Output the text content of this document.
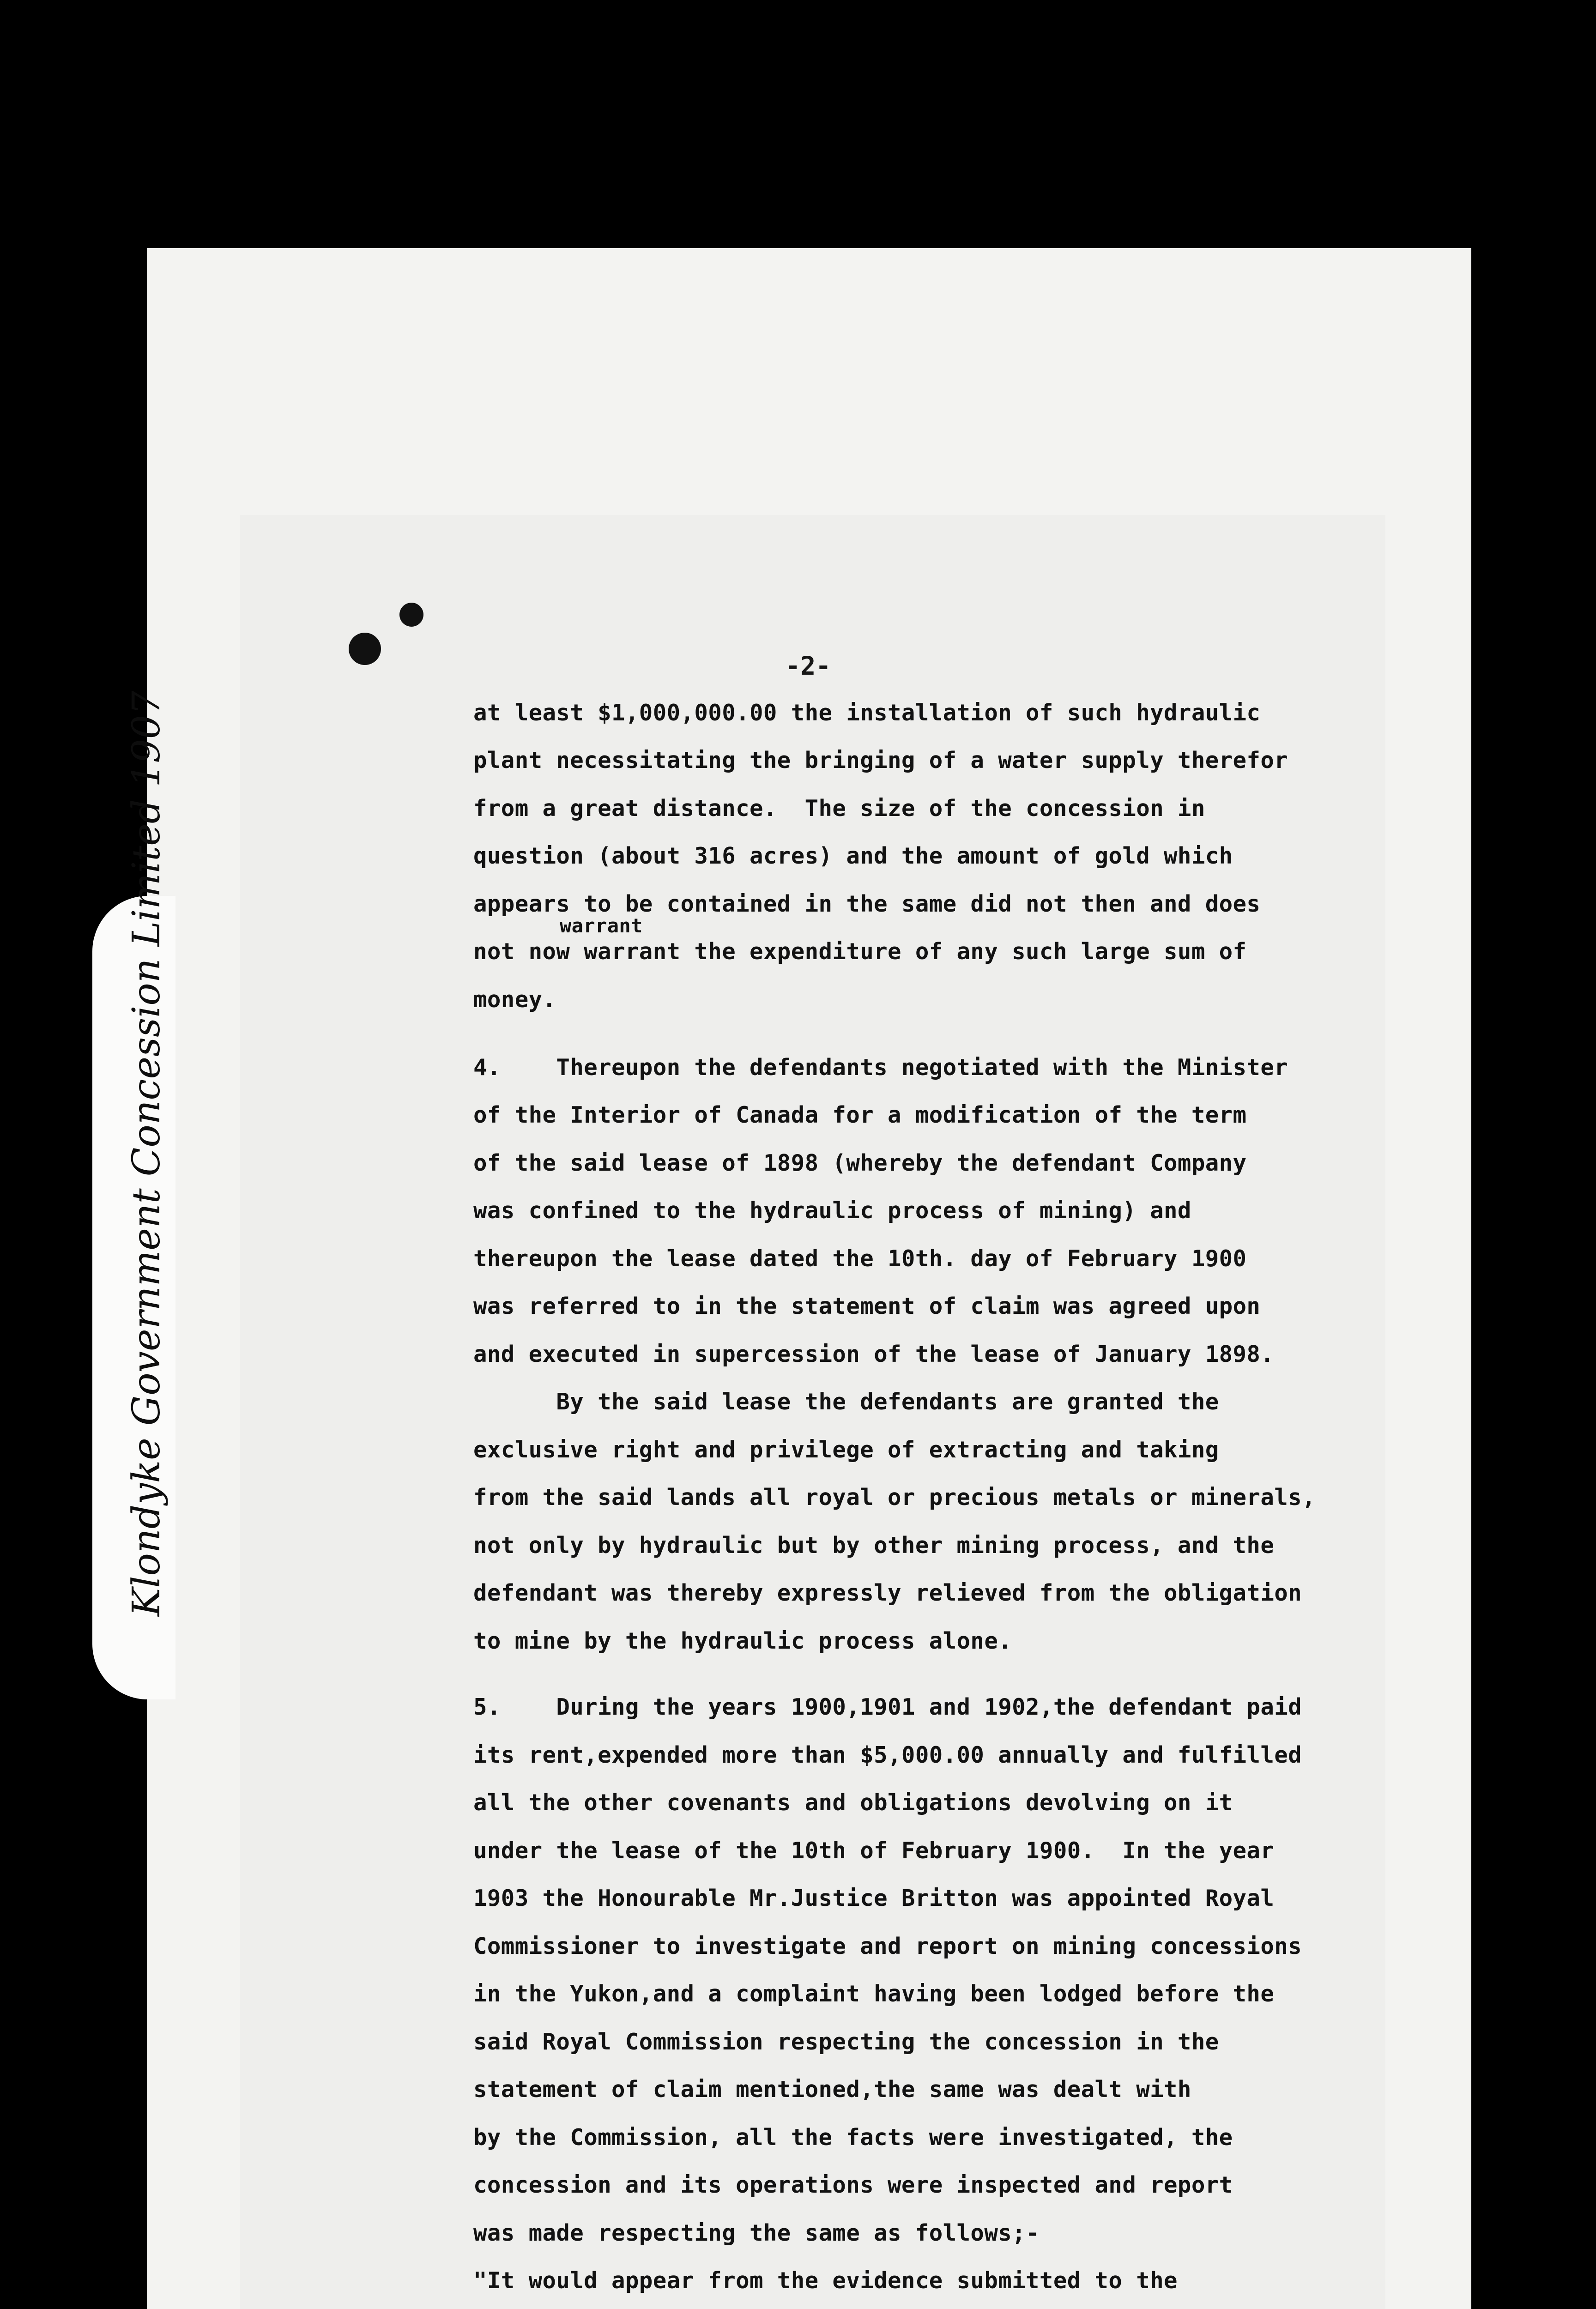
Klondyke Government Concession Limited 1907
-2-
at least $1,000,000.00 the installation of such hydraulic
plant necessitating the bringing of a water supply therefor
from a great distance.  The size of the concession in
question (about 316 acres) and the amount of gold which
appears to be contained in the same did not then and does
warrant
not now warrant the expenditure of any such large sum of
money.
4.    Thereupon the defendants negotiated with the Minister
of the Interior of Canada for a modification of the term
of the said lease of 1898 (whereby the defendant Company
was confined to the hydraulic process of mining) and
thereupon the lease dated the 10th. day of February 1900
was referred to in the statement of claim was agreed upon
and executed in supercession of the lease of January 1898.
By the said lease the defendants are granted the
exclusive right and privilege of extracting and taking
from the said lands all royal or precious metals or minerals,
not only by hydraulic but by other mining process, and the
defendant was thereby expressly relieved from the obligation
to mine by the hydraulic process alone.
5.    During the years 1900,1901 and 1902,the defendant paid
its rent,expended more than $5,000.00 annually and fulfilled
all the other covenants and obligations devolving on it
under the lease of the 10th of February 1900.  In the year
1903 the Honourable Mr.Justice Britton was appointed Royal
Commissioner to investigate and report on mining concessions
in the Yukon,and a complaint having been lodged before the
said Royal Commission respecting the concession in the
statement of claim mentioned,the same was dealt with
by the Commission, all the facts were investigated, the
concession and its operations were inspected and report
was made respecting the same as follows;-
"It would appear from the evidence submitted to the
